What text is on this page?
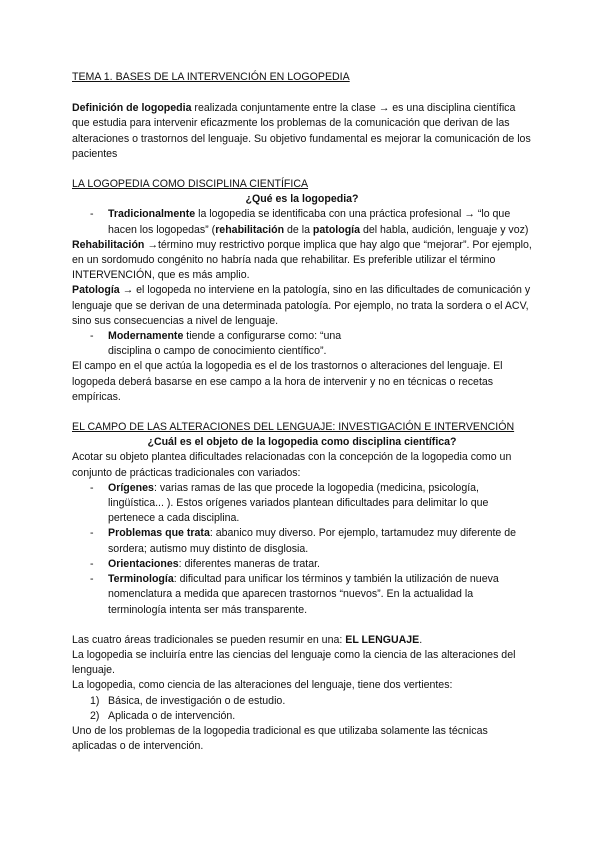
TEMA 1. BASES DE LA INTERVENCIÓN EN LOGOPEDIA

Definición de logopedia realizada conjuntamente entre la clase → es una disciplina científica que estudia para intervenir eficazmente los problemas de la comunicación que derivan de las alteraciones o trastornos del lenguaje. Su objetivo fundamental es mejorar la comunicación de los pacientes

LA LOGOPEDIA COMO DISCIPLINA CIENTÍFICA

¿Qué es la logopedia?

- Tradicionalmente la logopedia se identificaba con una práctica profesional → “lo que hacen los logopedas” (rehabilitación de la patología del habla, audición, lenguaje y voz)

Rehabilitación →término muy restrictivo porque implica que hay algo que “mejorar”. Por ejemplo, en un sordomudo congénito no habría nada que rehabilitar. Es preferible utilizar el término INTERVENCIÓN, que es más amplio.

Patología → el logopeda no interviene en la patología, sino en las dificultades de comunicación y lenguaje que se derivan de una determinada patología. Por ejemplo, no trata la sordera o el ACV, sino sus consecuencias a nivel de lenguaje.

- Modernamente tiende a configurarse como: “una disciplina o campo de conocimiento científico”.

El campo en el que actúa la logopedia es el de los trastornos o alteraciones del lenguaje. El logopeda deberá basarse en ese campo a la hora de intervenir y no en técnicas o recetas empíricas.

EL CAMPO DE LAS ALTERACIONES DEL LENGUAJE: INVESTIGACIÓN E INTERVENCIÓN

¿Cuál es el objeto de la logopedia como disciplina científica?

Acotar su objeto plantea dificultades relacionadas con la concepción de la logopedia como un conjunto de prácticas tradicionales con variados:

- Orígenes: varias ramas de las que procede la logopedia (medicina, psicología, lingüística... ). Estos orígenes variados plantean dificultades para delimitar lo que pertenece a cada disciplina.
- Problemas que trata: abanico muy diverso. Por ejemplo, tartamudez muy diferente de sordera; autismo muy distinto de disglosia.
- Orientaciones: diferentes maneras de tratar.
- Terminología: dificultad para unificar los términos y también la utilización de nueva nomenclatura a medida que aparecen trastornos “nuevos”. En la actualidad la terminología intenta ser más transparente.

Las cuatro áreas tradicionales se pueden resumir en una: EL LENGUAJE.

La logopedia se incluiría entre las ciencias del lenguaje como la ciencia de las alteraciones del lenguaje.

La logopedia, como ciencia de las alteraciones del lenguaje, tiene dos vertientes:

1) Básica, de investigación o de estudio.
2) Aplicada o de intervención.

Uno de los problemas de la logopedia tradicional es que utilizaba solamente las técnicas aplicadas o de intervención.
